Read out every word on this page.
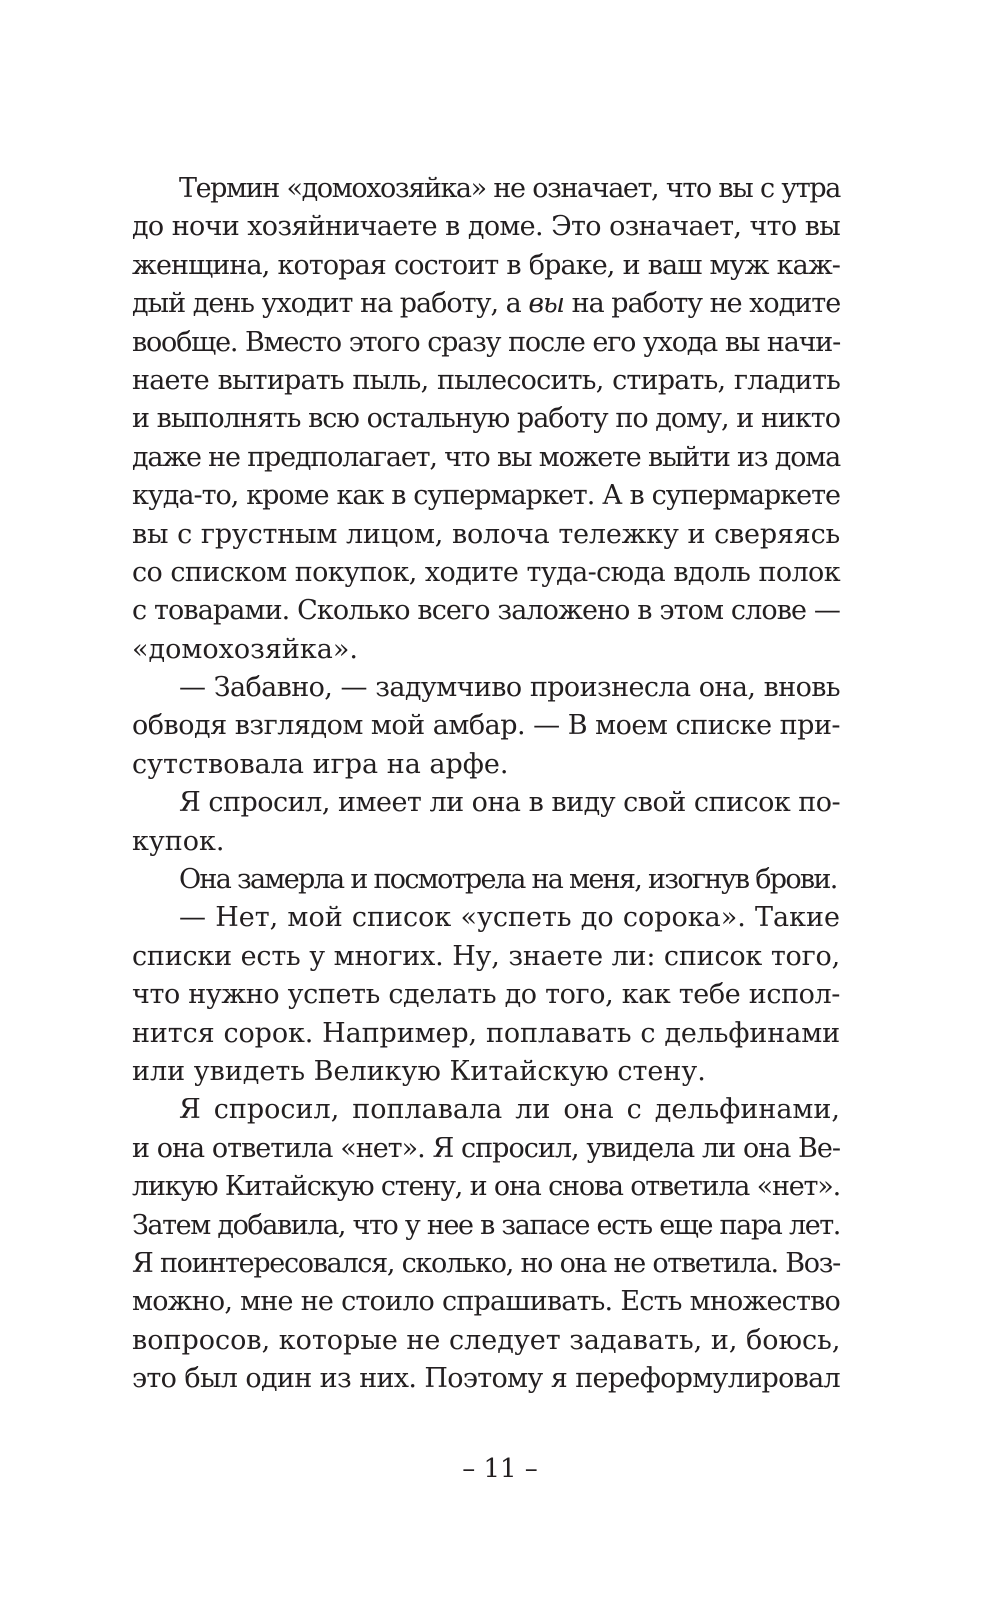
Термин «домохозяйка» не означает, что вы с утра
до ночи хозяйничаете в доме. Это означает, что вы
женщина, которая состоит в браке, и ваш муж каж-
дый день уходит на работу, а вы на работу не ходите
вообще. Вместо этого сразу после его ухода вы начи-
наете вытирать пыль, пылесосить, стирать, гладить
и выполнять всю остальную работу по дому, и никто
даже не предполагает, что вы можете выйти из дома
куда-то, кроме как в супермаркет. А в супермаркете
вы с грустным лицом, волоча тележку и сверяясь
со списком покупок, ходите туда-сюда вдоль полок
с товарами. Сколько всего заложено в этом слове —
«домохозяйка».
— Забавно, — задумчиво произнесла она, вновь
обводя взглядом мой амбар. — В моем списке при-
сутствовала игра на арфе.
Я спросил, имеет ли она в виду свой список по-
купок.
Она замерла и посмотрела на меня, изогнув брови.
— Нет, мой список «успеть до сорока». Такие
списки есть у многих. Ну, знаете ли: список того,
что нужно успеть сделать до того, как тебе испол-
нится сорок. Например, поплавать с дельфинами
или увидеть Великую Китайскую стену.
Я спросил, поплавала ли она с дельфинами,
и она ответила «нет». Я спросил, увидела ли она Ве-
ликую Китайскую стену, и она снова ответила «нет».
Затем добавила, что у нее в запасе есть еще пара лет.
Я поинтересовался, сколько, но она не ответила. Воз-
можно, мне не стоило спрашивать. Есть множество
вопросов, которые не следует задавать, и, боюсь,
это был один из них. Поэтому я переформулировал
– 11 –
